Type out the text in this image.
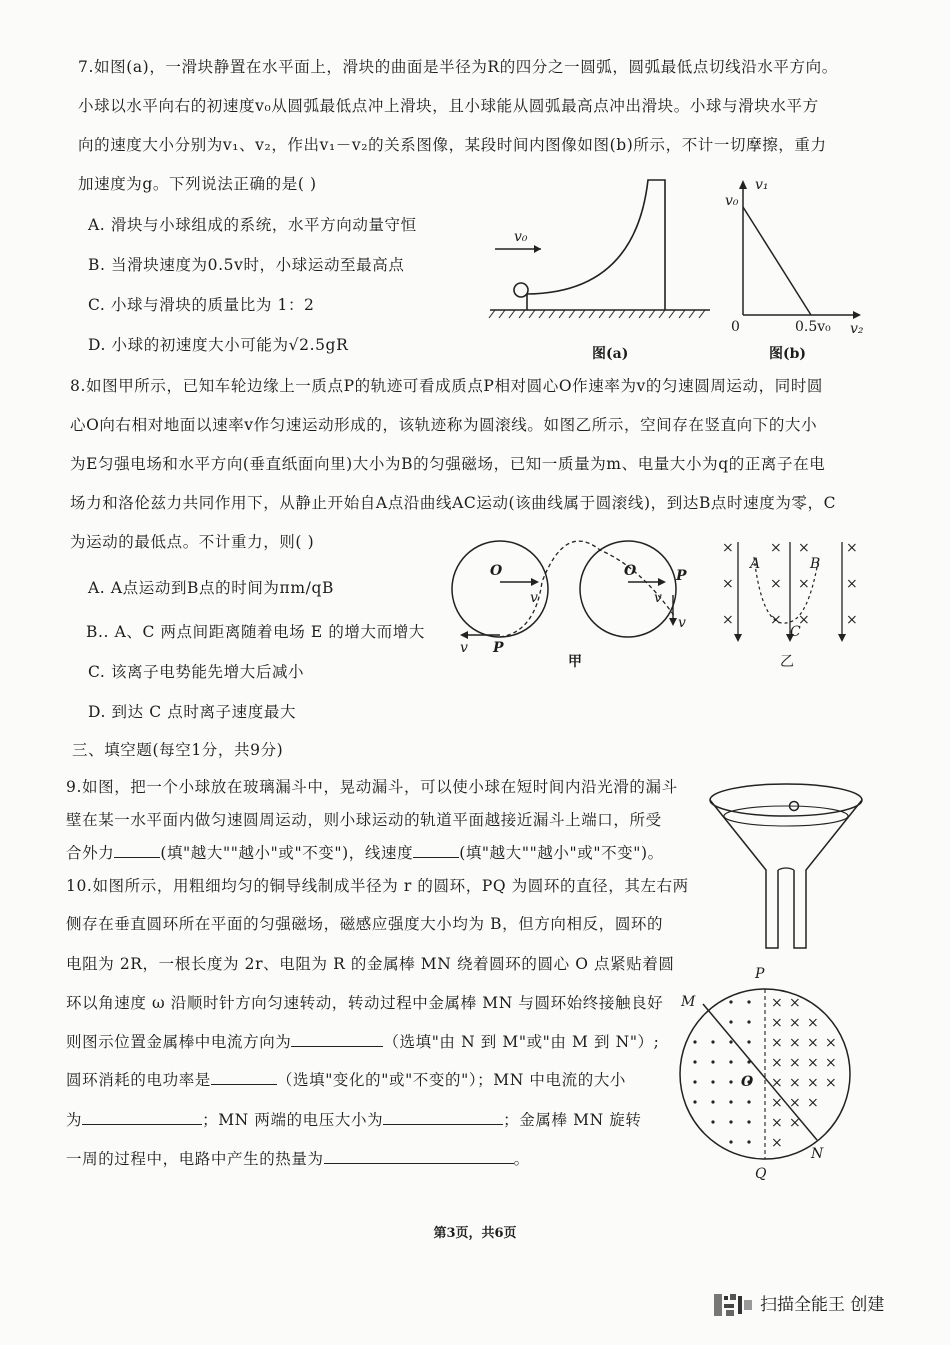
7.如图(a)，一滑块静置在水平面上，滑块的曲面是半径为R的四分之一圆弧，圆弧最低点切线沿水平方向。
小球以水平向右的初速度v₀从圆弧最低点冲上滑块，且小球能从圆弧最高点冲出滑块。小球与滑块水平方
向的速度大小分别为v₁、v₂，作出v₁－v₂的关系图像，某段时间内图像如图(b)所示，不计一切摩擦，重力
加速度为g。下列说法正确的是( )
A. 滑块与小球组成的系统，水平方向动量守恒
B. 当滑块速度为0.5v时，小球运动至最高点
C. 小球与滑块的质量比为 1：2
D. 小球的初速度大小可能为√2.5gR
v₀
图(a)
v₀
v₁
0	0.5v₀ v₂
图(b)
8.如图甲所示，已知车轮边缘上一质点P的轨迹可看成质点P相对圆心O作速率为v的匀速圆周运动，同时圆
心O向右相对地面以速率v作匀速运动形成的，该轨迹称为圆滚线。如图乙所示，空间存在竖直向下的大小
为E匀强电场和水平方向(垂直纸面向里)大小为B的匀强磁场，已知一质量为m、电量大小为q的正离子在电
场力和洛伦兹力共同作用下，从静止开始自A点沿曲线AC运动(该曲线属于圆滚线)，到达B点时速度为零，C
为运动的最低点。不计重力，则( )
A. A点运动到B点的时间为πm/qB
B.. A、C 两点间距离随着电场 E 的增大而增大
C. 该离子电势能先增大后减小
D. 到达 C 点时离子速度最大
O
v
v P
O	P
v
v
甲
×	× ×	×
×	× ×	×
×	× ×	×
A	B
C
乙
三、填空题(每空1分，共9分)
9.如图，把一个小球放在玻璃漏斗中，晃动漏斗，可以使小球在短时间内沿光滑的漏斗
壁在某一水平面内做匀速圆周运动，则小球运动的轨道平面越接近漏斗上端口，所受
合外力	(填"越大""越小"或"不变")，线速度	(填"越大""越小"或"不变")。
10.如图所示，用粗细均匀的铜导线制成半径为 r 的圆环，PQ 为圆环的直径，其左右两
侧存在垂直圆环所在平面的匀强磁场，磁感应强度大小均为 B，但方向相反，圆环的
电阻为 2R，一根长度为 2r、电阻为 R 的金属棒 MN 绕着圆环的圆心 O 点紧贴着圆
环以角速度 ω 沿顺时针方向匀速转动，转动过程中金属棒 MN 与圆环始终接触良好
则图示位置金属棒中电流方向为	（选填"由 N 到 M"或"由 M 到 N"）;
圆环消耗的电功率是	（选填"变化的"或"不变的"）；MN 中电流的大小
为	；MN 两端的电压大小为	；金属棒 MN 旋转
一周的过程中，电路中产生的热量为	。
× ×
× × ×
× × × ×
× × × ×
× × × ×
× × ×
× ×
×
P
M
O
N
Q
第3页，共6页
扫描全能王 创建
